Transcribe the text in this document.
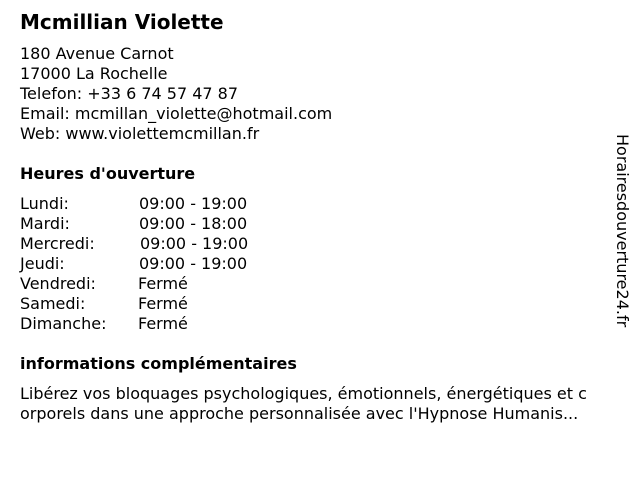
Mcmillian Violette
180 Avenue Carnot
17000 La Rochelle
Telefon: +33 6 74 57 47 87
Email: mcmillan_violette@hotmail.com
Web: www.violettemcmillan.fr
Heures d'ouverture
Lundi:	09:00 - 19:00
Mardi:	09:00 - 18:00
Mercredi:	09:00 - 19:00
Jeudi:	09:00 - 19:00
Vendredi:	Fermé
Samedi:	Fermé
Dimanche: Fermé
informations complémentaires
Libérez vos bloquages psychologiques, émotionnels, énergétiques et c
orporels dans une approche personnalisée avec l'Hypnose Humanis...
Horairesdouverture24.fr
